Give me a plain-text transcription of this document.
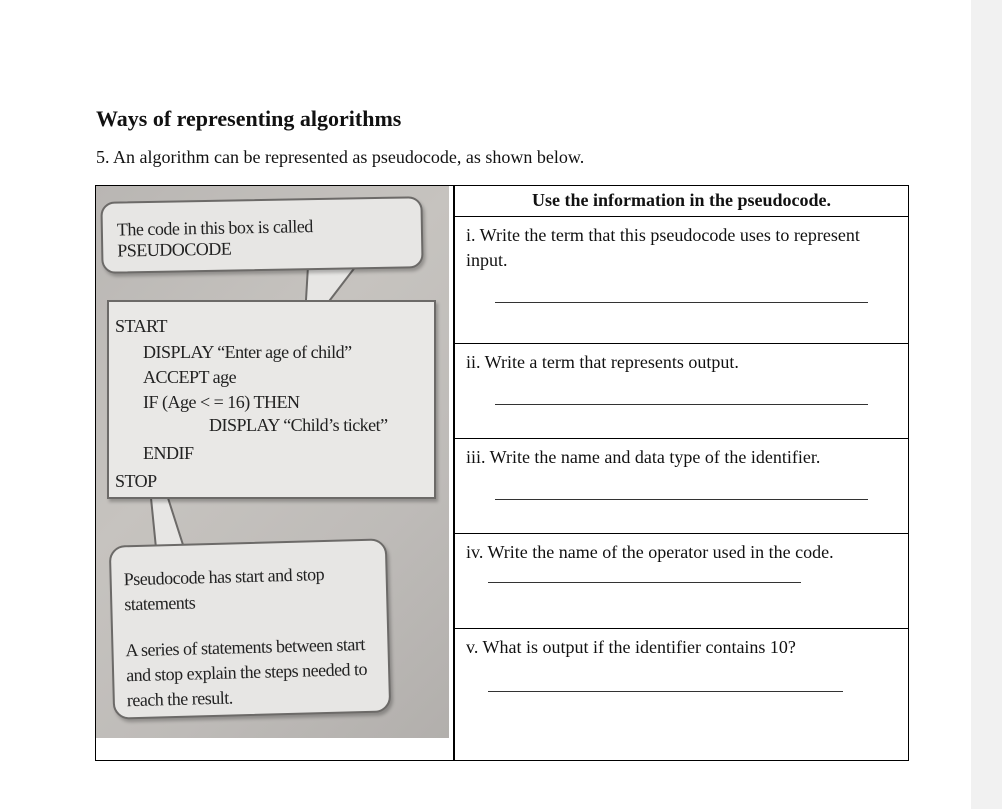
Ways of representing algorithms
5. An algorithm can be represented as pseudocode, as shown below.
The code in this box is called PSEUDOCODE
START
DISPLAY “Enter age of child”
ACCEPT age
IF (Age < = 16) THEN
DISPLAY “Child’s ticket”
ENDIF
STOP
Pseudocode has start and stop statements
A series of statements between start and stop explain the steps needed to reach the result.
Use the information in the pseudocode.
i. Write the term that this pseudocode uses to represent input.
ii. Write a term that represents output.
iii. Write the name and data type of the identifier.
iv. Write the name of the operator used in the code.
v. What is output if the identifier contains 10?
